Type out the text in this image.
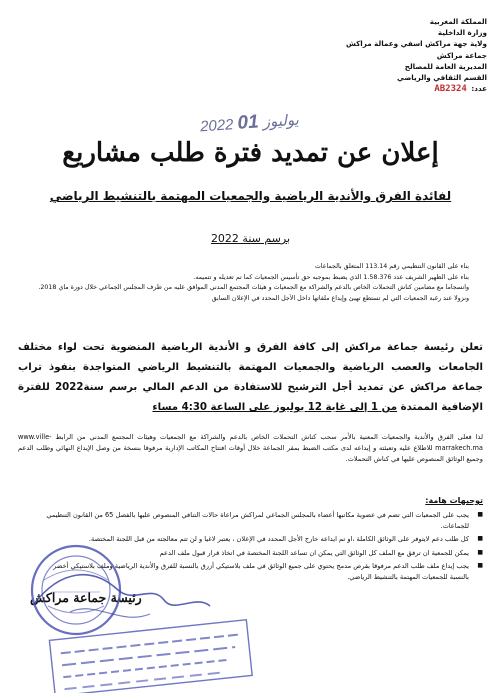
المملكة المغربية
وزارة الداخلية
ولاية جهة مراكش اسفي وعمالة مراكش
جماعة مراكش
المديرية العامة للمصالح
القسم الثقافي والرياضي
عدد: AB2324
2022 يوليوز 01
إعلان عن تمديد فترة طلب مشاريع
لفائدة الفرق والأندية الرياضية والجمعيات المهتمة بالتنشيط الرياضي
برسم سنة 2022

بناء على القانون التنظيمي رقم 113.14 المتعلق بالجماعات

بناء على الظهير الشريف عدد 1.58.376 الذي يضبط بموجبه حق تأسيس الجمعيات كما تم تعديله و تتميمه.

وانسجاما مع مضامين كناش التحملات الخاص بالدعم والشراكة مع الجمعيات و هيئات المجتمع المدني الموافق عليه من طرف المجلس الجماعي خلال دورة ماي 2018.

ونزولا عند رغبة الجمعيات التي لم تستطع تهيئ وإيداع ملفاتها داخل الأجل المحدد في الإعلان السابق

تعلن رئيسة جماعة مراكش إلى كافة الفرق و الأندية الرياضية المنضوية تحت لواء مختلف الجامعات والعصب الرياضية والجمعيات المهتمة بالتنشيط الرياضي المتواجدة بنفوذ تراب جماعة مراكش عن تمديد أجل الترشيح للاستفادة من الدعم المالي برسم سنة2022 للفترة الإضافية الممتدة من 1 إلى غاية 12 يوليوز على الساعة 4:30 مساء
لذا فعلى الفرق والأندية والجمعيات المعنية بالأمر سحب كناش التحملات الخاص بالدعم والشراكة مع الجمعيات وهيئات المجتمع المدني من الرابط www.ville-marrakech.ma للاطلاع عليه وتعبئته و إيداعه لدى مكتب الضبط بمقر الجماعة خلال أوقات افتتاح المكاتب الإدارية مرفوقا بنسخة من وصل الإيداع النهائي وطلب الدعم وجميع الوثائق المنصوص عليها في كناش التحملات.
توجيهات هامة:
■ يجب على الجمعيات التي تضم في عضوية مكاتبها أعضاء بالمجلس الجماعي لمراكش مراعاة حالات التنافي المنصوص عليها بالفصل 65 من القانون التنظيمي للجماعات.
■ كل طلب دعم لايتوفر على الوثائق الكاملة ،او تم ايداعه خارج الأجل المحدد في الإعلان ، يعتبر لاغيا و لن تتم معالجته من قبل اللجنة المختصة.
■ يمكن للجمعية ان ترفق مع الملف كل الوثائق التي يمكن ان تساعد اللجنة المختصة في اتخاذ قرار قبول ملف الدعم
■ يجب إيداع ملف طلب الدعم مرفوقا بقرص مدمج يحتوي على جميع الوثائق في ملف بلاستيكي أزرق بالنسبة للفرق والأندية الرياضية وملف بلاستيكي أخضر بالنسبة للجمعيات المهتمة بالتنشيط الرياضي.
رئيسة جماعة مراكش
